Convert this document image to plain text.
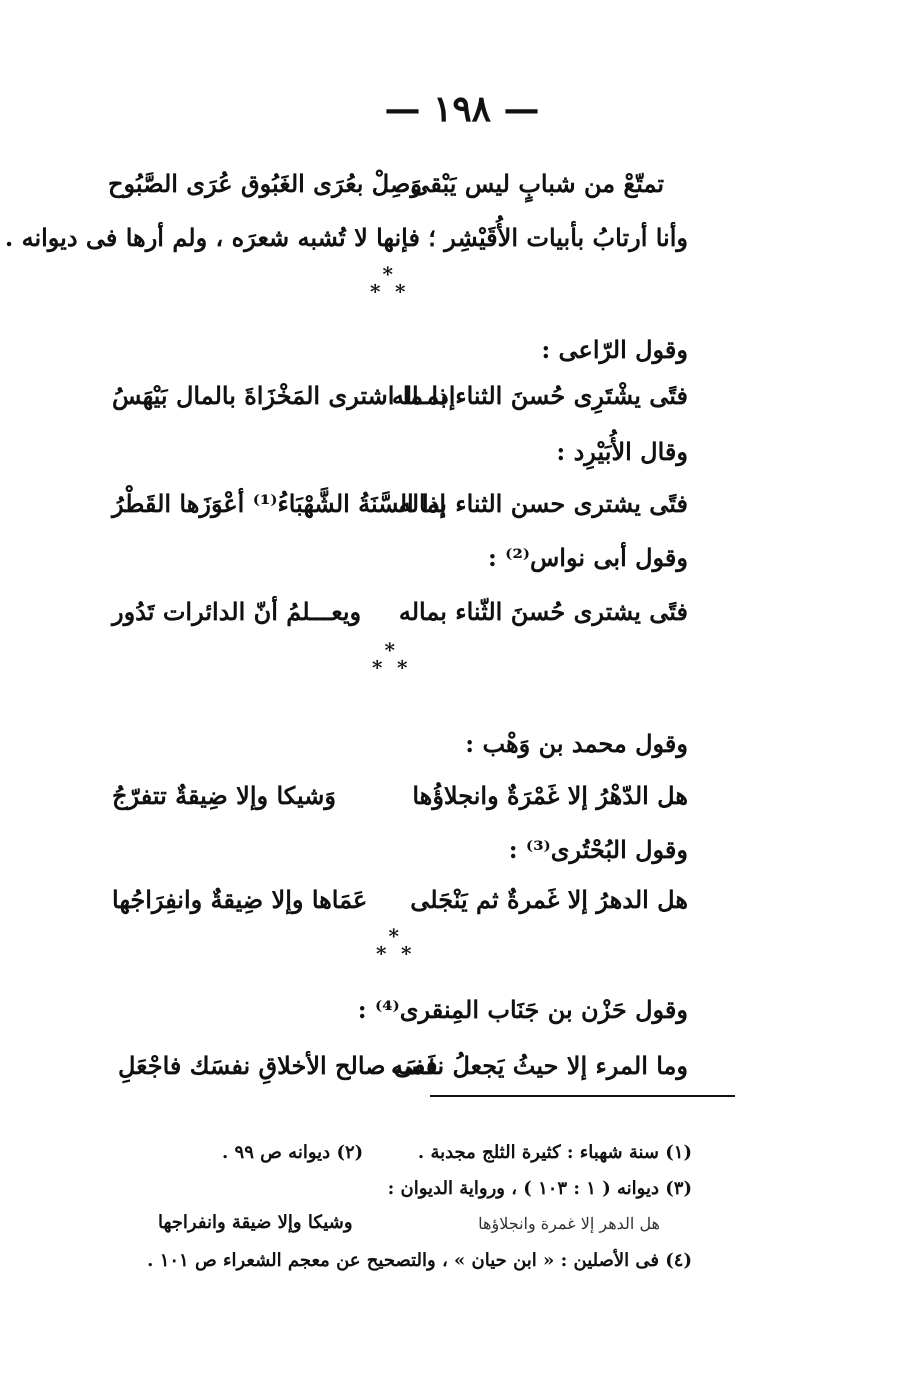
— ١٩٨ —
تمتّعْ من شبابٍ ليس يَبْقى
وَصِلْ بعُرَى الغَبُوق عُرَى الصَّبُوح
وأنا أرتابُ بأبيات الأُقَيْشِر ؛ فإنها لا تُشبه شعرَه ، ولم أرها فى ديوانه .
***
وقول الرّاعى :
فتًى يشْتَرِى حُسنَ الثناء بمـاله
إذا ما اشترى المَخْزَاةَ بالمال بَيْهَسُ
وقال الأُبَيْرِد :
فتًى يشترى حسن الثناء بماله
إذا السَّنَةُ الشَّهْبَاءُ⁽¹⁾ أعْوَزَها القَطْرُ
وقول أبى نواس⁽²⁾ :
فتًى يشترى حُسنَ الثّناء بماله
ويعـــلمُ أنّ الدائرات تَدُور
***
وقول محمد بن وَهْب :
هل الدّهْرُ إلا غَمْرَةٌ وانجلاؤُها
وَشيكا وإلا ضِيقةٌ تتفرّجُ
وقول البُحْتُرى⁽³⁾ :
هل الدهرُ إلا غَمرةٌ ثم يَنْجَلى
عَمَاها وإلا ضِيقةٌ وانفِرَاجُها
***
وقول حَزْن بن جَنَاب المِنقرى⁽⁴⁾ :
وما المرء إلا حيثُ يَجعلُ نفسَه
فَفى صالح الأخلاقِ نفسَك فاجْعَلِ
(١) سنة شهباء : كثيرة الثلج مجدبة .
(٢) ديوانه ص ٩٩ .
(٣) ديوانه ( ١ : ١٠٣ ) ، ورواية الديوان :
هل الدهر إلا غمرة وانجلاؤها
وشيكا وإلا ضيقة وانفراجها
(٤) فى الأصلين : « ابن حيان » ، والتصحيح عن معجم الشعراء ص ١٠١ .
